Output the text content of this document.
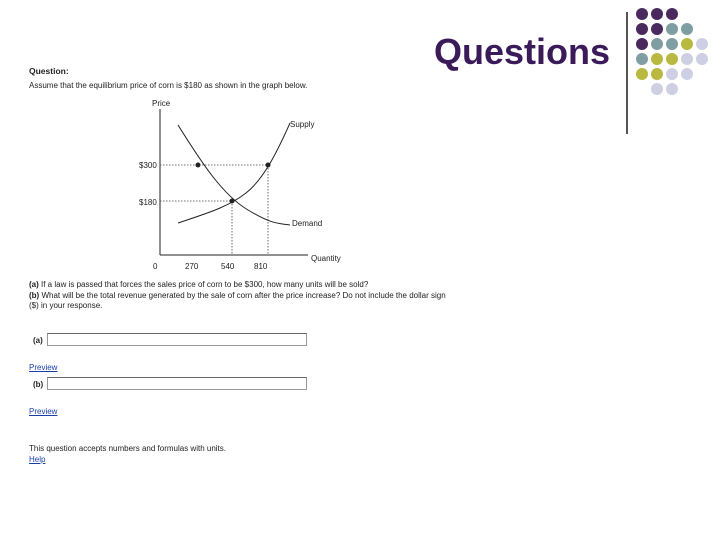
Questions
Question:
Assume that the equilibrium price of corn is $180 as shown in the graph below.
Price
Quantity
0
$300
$180
270	540 810
Supply
Demand
(a) If a law is passed that forces the sales price of corn to be $300, how many units will be sold?
(b) What will be the total revenue generated by the sale of corn after the price increase? Do not include the dollar sign ($) in your response.
(a)
Preview
(b)
Preview
This question accepts numbers and formulas with units.
Help
